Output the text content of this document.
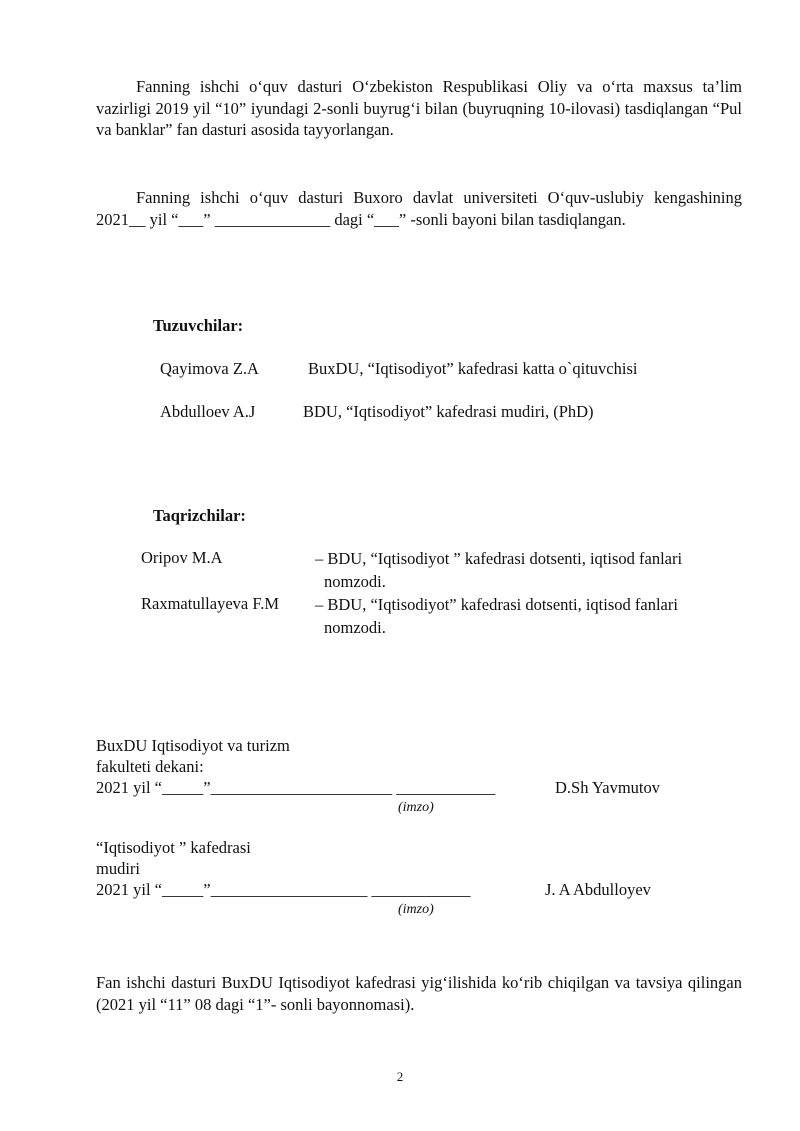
Fanning ishchi o‘quv dasturi O‘zbekiston Respublikasi Oliy va o‘rta maxsus ta’lim vazirligi 2019 yil “10” iyundagi 2-sonli buyrug‘i bilan (buyruqning 10-ilovasi) tasdiqlangan “Pul va banklar” fan dasturi asosida tayyorlangan.
Fanning ishchi o‘quv dasturi Buxoro davlat universiteti O‘quv-uslubiy kengashining 2021__ yil “___” ______________ dagi “___” -sonli bayoni bilan tasdiqlangan.
Tuzuvchilar:
Qayimova Z.A	BuxDU, “Iqtisodiyot” kafedrasi katta o`qituvchisi
Abdulloev A.J	BDU, “Iqtisodiyot” kafedrasi mudiri, (PhD)
Taqrizchilar:
Oripov M.A	– BDU, “Iqtisodiyot ” kafedrasi dotsenti, iqtisod fanlari
nomzodi.
Raxmatullayeva F.M – BDU, “Iqtisodiyot” kafedrasi dotsenti, iqtisod fanlari
nomzodi.
BuxDU Iqtisodiyot va turizm
fakulteti dekani:
2021 yil “_____”______________________ ____________	D.Sh Yavmutov
(imzo)
“Iqtisodiyot ” kafedrasi
mudiri
2021 yil “_____”___________________ ____________	J. A Abdulloyev
(imzo)
Fan ishchi dasturi BuxDU Iqtisodiyot kafedrasi yig‘ilishida ko‘rib chiqilgan va tavsiya qilingan (2021 yil “11” 08 dagi “1”- sonli bayonnomasi).
2
